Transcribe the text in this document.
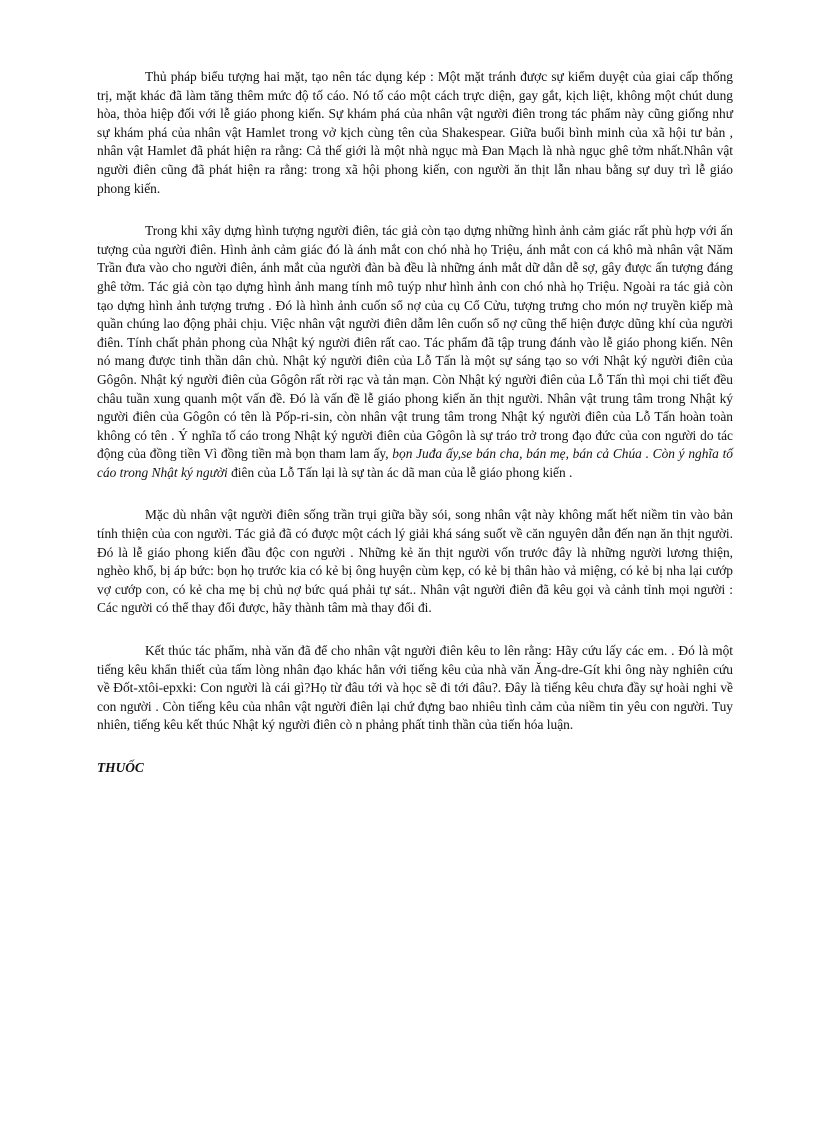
Thủ pháp biểu tượng hai mặt, tạo nên tác dụng kép : Một mặt tránh được sự kiểm duyệt của giai cấp thống trị, mặt khác đã làm tăng thêm mức độ tố cáo. Nó tố cáo một cách trực diện, gay gắt, kịch liệt, không một chút dung hòa, thỏa hiệp đối với lễ giáo phong kiến. Sự khám phá của nhân vật người điên trong tác phẩm này cũng giống như sự khám phá của nhân vật Hamlet trong vở kịch cùng tên của Shakespear. Giữa buổi bình minh của xã hội tư bản , nhân vật Hamlet đã phát hiện ra rằng: Cả thế giới là một nhà ngục mà Đan Mạch là nhà ngục ghê tởm nhất.Nhân vật người điên cũng đã phát hiện ra rằng: trong xã hội phong kiến, con người ăn thịt lẫn nhau bằng sự duy trì lễ giáo phong kiến.

Trong khi xây dựng hình tượng người điên, tác giả còn tạo dựng những hình ảnh cảm giác rất phù hợp với ấn tượng của người điên. Hình ảnh cảm giác đó là ánh mắt con chó nhà họ Triệu, ánh mắt con cá khô mà nhân vật Năm Trần đưa vào cho người điên, ánh mắt của người đàn bà đều là những ánh mắt dữ dằn dễ sợ, gây được ấn tượng đáng ghê tởm. Tác giả còn tạo dựng hình ảnh mang tính mô tuýp như hình ảnh con chó nhà họ Triệu. Ngoài ra tác giả còn tạo dựng hình ảnh tượng trưng . Đó là hình ảnh cuốn sổ nợ của cụ Cổ Cửu, tượng trưng cho món nợ truyền kiếp mà quần chúng lao động phải chịu. Việc nhân vật người điên dẫm lên cuốn sổ nợ cũng thể hiện được dũng khí của người điên. Tính chất phản phong của Nhật ký người điên rất cao. Tác phẩm đã tập trung đánh vào lễ giáo phong kiến. Nên nó mang được tinh thần dân chủ. Nhật ký người điên của Lỗ Tấn là một sự sáng tạo so với Nhật ký người điên của Gôgôn. Nhật ký người điên của Gôgôn rất rời rạc và tản mạn. Còn Nhật ký người điên của Lỗ Tấn thì mọi chi tiết đều châu tuần xung quanh một vấn đề. Đó là vấn đề lễ giáo phong kiến ăn thịt người. Nhân vật trung tâm trong Nhật ký người điên của Gôgôn có tên là Pốp-ri-sin, còn nhân vật trung tâm trong Nhật ký người điên của Lỗ Tấn hoàn toàn không có tên . Ý nghĩa tố cáo trong Nhật ký người điên của Gôgôn là sự tráo trở trong đạo đức của con người do tác động của đồng tiền Vì đồng tiền mà bọn tham lam ấy, bọn Juđa ấy,se bán cha, bán mẹ, bán cả Chúa . Còn ý nghĩa tố cáo trong Nhật ký người điên của Lỗ Tấn lại là sự tàn ác dã man của lễ giáo phong kiến .

Mặc dù nhân vật người điên sống trần trụi giữa bầy sói, song nhân vật này không mất hết niềm tin vào bản tính thiện của con người. Tác giả đã có được một cách lý giải khá sáng suốt về căn nguyên dẫn đến nạn ăn thịt người. Đó là lễ giáo phong kiến đầu độc con người . Những kẻ ăn thịt người vốn trước đây là những người lương thiện, nghèo khổ, bị áp bức: bọn họ trước kia có kẻ bị ông huyện cùm kẹp, có kẻ bị thân hào vả miệng, có kẻ bị nha lại cướp vợ cướp con, có kẻ cha mẹ bị chủ nợ bức quá phải tự sát.. Nhân vật người điên đã kêu gọi và cảnh tỉnh mọi người : Các người có thể thay đổi được, hãy thành tâm mà thay đổi đi.

Kết thúc tác phẩm, nhà văn đã để cho nhân vật người điên kêu to lên rằng: Hãy cứu lấy các em. . Đó là một tiếng kêu khẩn thiết của tấm lòng nhân đạo khác hẳn với tiếng kêu của nhà văn Ăng-dre-Gít khi ông này nghiên cứu về Đốt-xtôi-epxki: Con người là cái gì?Họ từ đâu tới và học sẽ đi tới đâu?. Đây là tiếng kêu chưa đầy sự hoài nghi về con người . Còn tiếng kêu của nhân vật người điên lại chứ đựng bao nhiêu tình cảm của niềm tin yêu con người. Tuy nhiên, tiếng kêu kết thúc Nhật ký người điên cò n phảng phất tinh thần của tiến hóa luận.

THUỐC
